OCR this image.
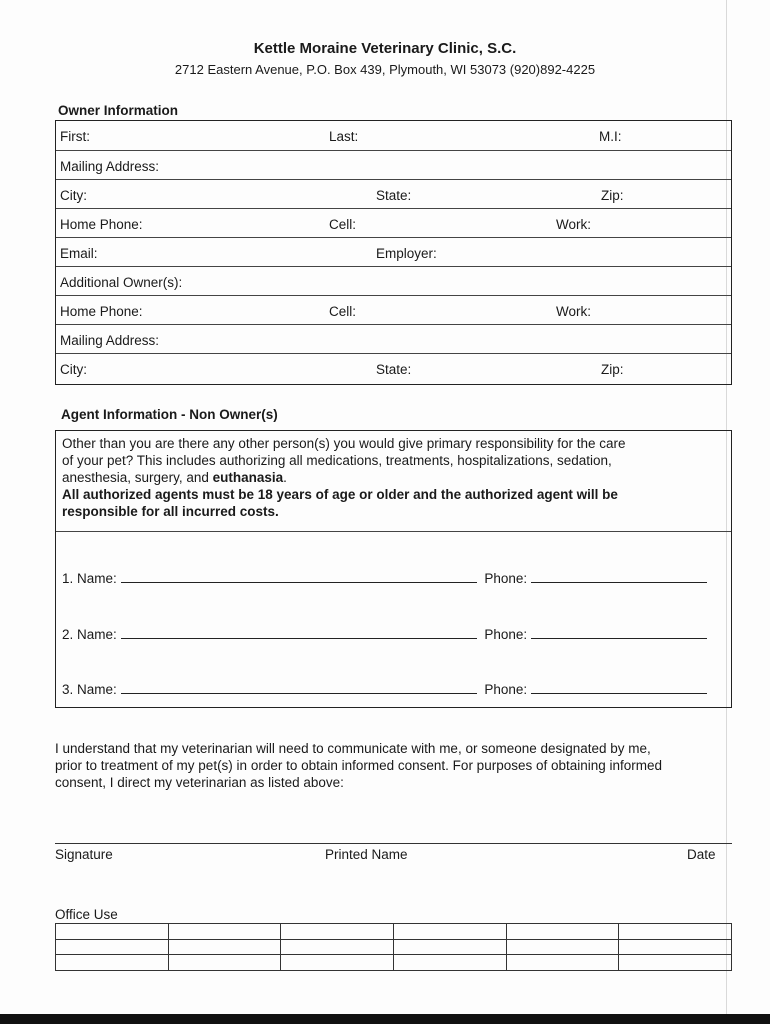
Kettle Moraine Veterinary Clinic, S.C.
2712 Eastern Avenue, P.O. Box 439, Plymouth, WI 53073 (920)892-4225
Owner Information
First:	Last:	M.I:
Mailing Address:
City:	State:	Zip:
Home Phone:	Cell:	Work:
Email:	Employer:
Additional Owner(s):
Home Phone:	Cell:	Work:
Mailing Address:
City:	State:	Zip:
Agent Information - Non Owner(s)
Other than you are there any other person(s) you would give primary responsibility for the care
of your pet? This includes authorizing all medications, treatments, hospitalizations, sedation,
anesthesia, surgery, and euthanasia.
All authorized agents must be 18 years of age or older and the authorized agent will be
responsible for all incurred costs.
1. Name:	Phone:
2. Name:	Phone:
3. Name:	Phone:
I understand that my veterinarian will need to communicate with me, or someone designated by me,
prior to treatment of my pet(s) in order to obtain informed consent. For purposes of obtaining informed
consent, I direct my veterinarian as listed above:
Signature	Printed Name	Date
Office Use
